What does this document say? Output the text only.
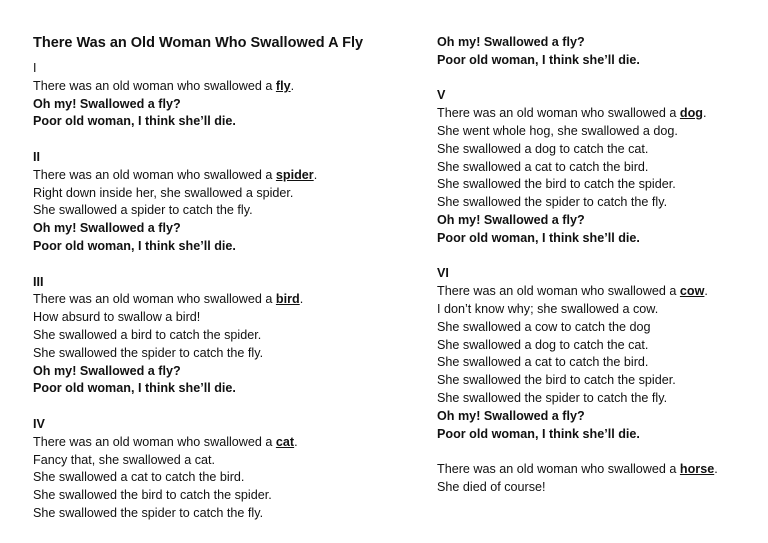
There Was an Old Woman Who Swallowed A Fly
I
There was an old woman who swallowed a fly.
Oh my! Swallowed a fly?
Poor old woman, I think she’ll die.
II
There was an old woman who swallowed a spider.
Right down inside her, she swallowed a spider.
She swallowed a spider to catch the fly.
Oh my! Swallowed a fly?
Poor old woman, I think she’ll die.
III
There was an old woman who swallowed a bird.
How absurd to swallow a bird!
She swallowed a bird to catch the spider.
She swallowed the spider to catch the fly.
Oh my! Swallowed a fly?
Poor old woman, I think she’ll die.
IV
There was an old woman who swallowed a cat.
Fancy that, she swallowed a cat.
She swallowed a cat to catch the bird.
She swallowed the bird to catch the spider.
She swallowed the spider to catch the fly.
Oh my! Swallowed a fly?
Poor old woman, I think she’ll die.
V
There was an old woman who swallowed a dog.
She went whole hog, she swallowed a dog.
She swallowed a dog to catch the cat.
She swallowed a cat to catch the bird.
She swallowed the bird to catch the spider.
She swallowed the spider to catch the fly.
Oh my! Swallowed a fly?
Poor old woman, I think she’ll die.
VI
There was an old woman who swallowed a cow.
I don’t know why; she swallowed a cow.
She swallowed a cow to catch the dog
She swallowed a dog to catch the cat.
She swallowed a cat to catch the bird.
She swallowed the bird to catch the spider.
She swallowed the spider to catch the fly.
Oh my! Swallowed a fly?
Poor old woman, I think she’ll die.
There was an old woman who swallowed a horse.
She died of course!
